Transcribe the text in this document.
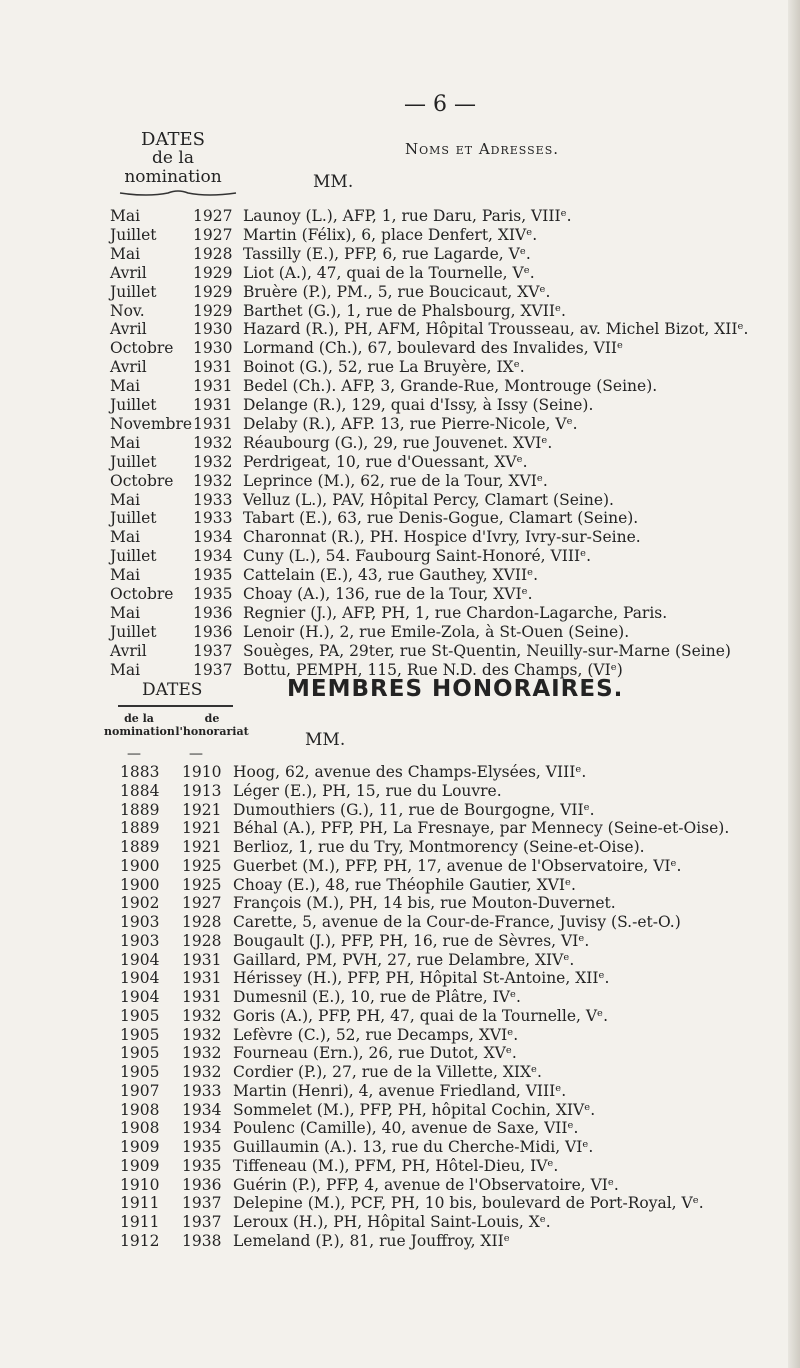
— 6 —
DATES
de la
nomination
Noms et Adresses.
MM.
Mai	1927 Launoy (L.), AFP, 1, rue Daru, Paris, VIIIᵉ.
Juillet 1927 Martin (Félix), 6, place Denfert, XIVᵉ.
Mai	1928 Tassilly (E.), PFP, 6, rue Lagarde, Vᵉ.
Avril	1929 Liot (A.), 47, quai de la Tournelle, Vᵉ.
Juillet 1929 Bruère (P.), PM., 5, rue Boucicaut, XVᵉ.
Nov.	1929 Barthet (G.), 1, rue de Phalsbourg, XVIIᵉ.
Avril	1930 Hazard (R.), PH, AFM, Hôpital Trousseau, av. Michel Bizot, XIIᵉ.
Octobre 1930 Lormand (Ch.), 67, boulevard des Invalides, VIIᵉ
Avril	1931 Boinot (G.), 52, rue La Bruyère, IXᵉ.
Mai	1931 Bedel (Ch.). AFP, 3, Grande-Rue, Montrouge (Seine).
Juillet 1931 Delange (R.), 129, quai d'Issy, à Issy (Seine).
Novembre 1931 Delaby (R.), AFP. 13, rue Pierre-Nicole, Vᵉ.
Mai	1932 Réaubourg (G.), 29, rue Jouvenet. XVIᵉ.
Juillet 1932 Perdrigeat, 10, rue d'Ouessant, XVᵉ.
Octobre 1932 Leprince (M.), 62, rue de la Tour, XVIᵉ.
Mai	1933 Velluz (L.), PAV, Hôpital Percy, Clamart (Seine).
Juillet 1933 Tabart (E.), 63, rue Denis-Gogue, Clamart (Seine).
Mai	1934 Charonnat (R.), PH. Hospice d'Ivry, Ivry-sur-Seine.
Juillet 1934 Cuny (L.), 54. Faubourg Saint-Honoré, VIIIᵉ.
Mai	1935 Cattelain (E.), 43, rue Gauthey, XVIIᵉ.
Octobre 1935 Choay (A.), 136, rue de la Tour, XVIᵉ.
Mai	1936 Regnier (J.), AFP, PH, 1, rue Chardon-Lagarche, Paris.
Juillet 1936 Lenoir (H.), 2, rue Emile-Zola, à St-Ouen (Seine).
Avril	1937 Souèges, PA, 29ter, rue St-Quentin, Neuilly-sur-Marne (Seine)
Mai	1937 Bottu, PEMPH, 115, Rue N.D. des Champs, (VIᵉ)
DATES	MEMBRES HONORAIRES.
de la
nomination
de
l'honorariat	MM.
—	—
1883 1910 Hoog, 62, avenue des Champs-Elysées, VIIIᵉ.
1884 1913 Léger (E.), PH, 15, rue du Louvre.
1889 1921 Dumouthiers (G.), 11, rue de Bourgogne, VIIᵉ.
1889 1921 Béhal (A.), PFP, PH, La Fresnaye, par Mennecy (Seine-et-Oise).
1889 1921 Berlioz, 1, rue du Try, Montmorency (Seine-et-Oise).
1900 1925 Guerbet (M.), PFP, PH, 17, avenue de l'Observatoire, VIᵉ.
1900 1925 Choay (E.), 48, rue Théophile Gautier, XVIᵉ.
1902 1927 François (M.), PH, 14 bis, rue Mouton-Duvernet.
1903 1928 Carette, 5, avenue de la Cour-de-France, Juvisy (S.-et-O.)
1903 1928 Bougault (J.), PFP, PH, 16, rue de Sèvres, VIᵉ.
1904 1931 Gaillard, PM, PVH, 27, rue Delambre, XIVᵉ.
1904 1931 Hérissey (H.), PFP, PH, Hôpital St-Antoine, XIIᵉ.
1904 1931 Dumesnil (E.), 10, rue de Plâtre, IVᵉ.
1905 1932 Goris (A.), PFP, PH, 47, quai de la Tournelle, Vᵉ.
1905 1932 Lefèvre (C.), 52, rue Decamps, XVIᵉ.
1905 1932 Fourneau (Ern.), 26, rue Dutot, XVᵉ.
1905 1932 Cordier (P.), 27, rue de la Villette, XIXᵉ.
1907 1933 Martin (Henri), 4, avenue Friedland, VIIIᵉ.
1908 1934 Sommelet (M.), PFP, PH, hôpital Cochin, XIVᵉ.
1908 1934 Poulenc (Camille), 40, avenue de Saxe, VIIᵉ.
1909 1935 Guillaumin (A.). 13, rue du Cherche-Midi, VIᵉ.
1909 1935 Tiffeneau (M.), PFM, PH, Hôtel-Dieu, IVᵉ.
1910 1936 Guérin (P.), PFP, 4, avenue de l'Observatoire, VIᵉ.
1911 1937 Delepine (M.), PCF, PH, 10 bis, boulevard de Port-Royal, Vᵉ.
1911 1937 Leroux (H.), PH, Hôpital Saint-Louis, Xᵉ.
1912 1938 Lemeland (P.), 81, rue Jouffroy, XIIᵉ
